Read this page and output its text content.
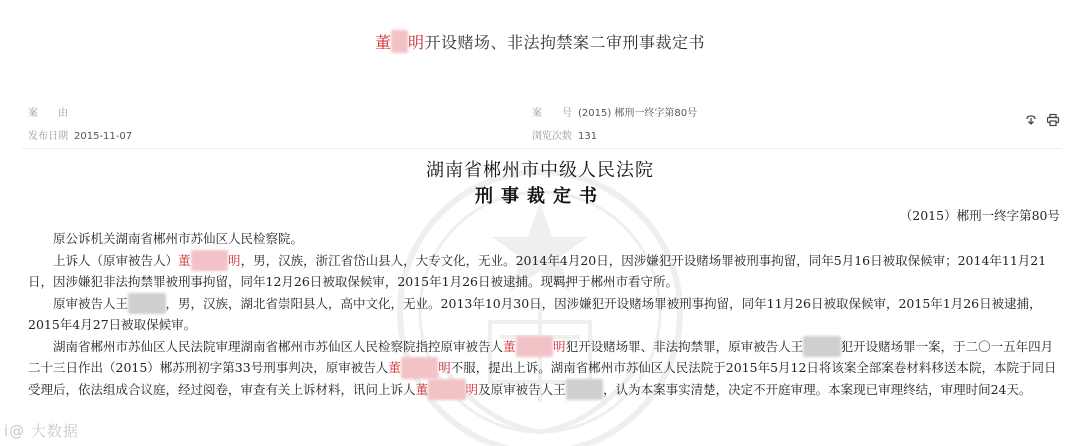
董 明开设赌场、非法拘禁案二审刑事裁定书
案　　由	案　　号 (2015) 郴刑一终字第80号
发布日期 2015-11-07	浏览次数 131
湖南省郴州市中级人民法院
刑事裁定书
（2015）郴刑一终字第80号

原公诉机关湖南省郴州市苏仙区人民检察院。

上诉人（原审被告人）董	明，男，汉族，浙江省岱山县人，大专文化，无业。2014年4月20日，因涉嫌犯开设赌场罪被刑事拘留，同年5月16日被取保候审；2014年11月21日，因涉嫌犯非法拘禁罪被刑事拘留，同年12月26日被取保候审，2015年1月26日被逮捕。现羁押于郴州市看守所。

原审被告人王	，男，汉族，湖北省崇阳县人，高中文化，无业。2013年10月30日，因涉嫌犯开设赌场罪被刑事拘留，同年11月26日被取保候审，2015年1月26日被逮捕，2015年4月27日被取保候审。

湖南省郴州市苏仙区人民法院审理湖南省郴州市苏仙区人民检察院指控原审被告人董	明犯开设赌场罪、非法拘禁罪，原审被告人王	犯开设赌场罪一案，于二〇一五年四月二十三日作出（2015）郴苏刑初字第33号刑事判决，原审被告人董	明不服，提出上诉。湖南省郴州市苏仙区人民法院于2015年5月12日将该案全部案卷材料移送本院，本院于同日受理后，依法组成合议庭，经过阅卷，审查有关上诉材料，讯问上诉人董	明及原审被告人王	，认为本案事实清楚，决定不开庭审理。本案现已审理终结，审理时间24天。

i@ 大数据
